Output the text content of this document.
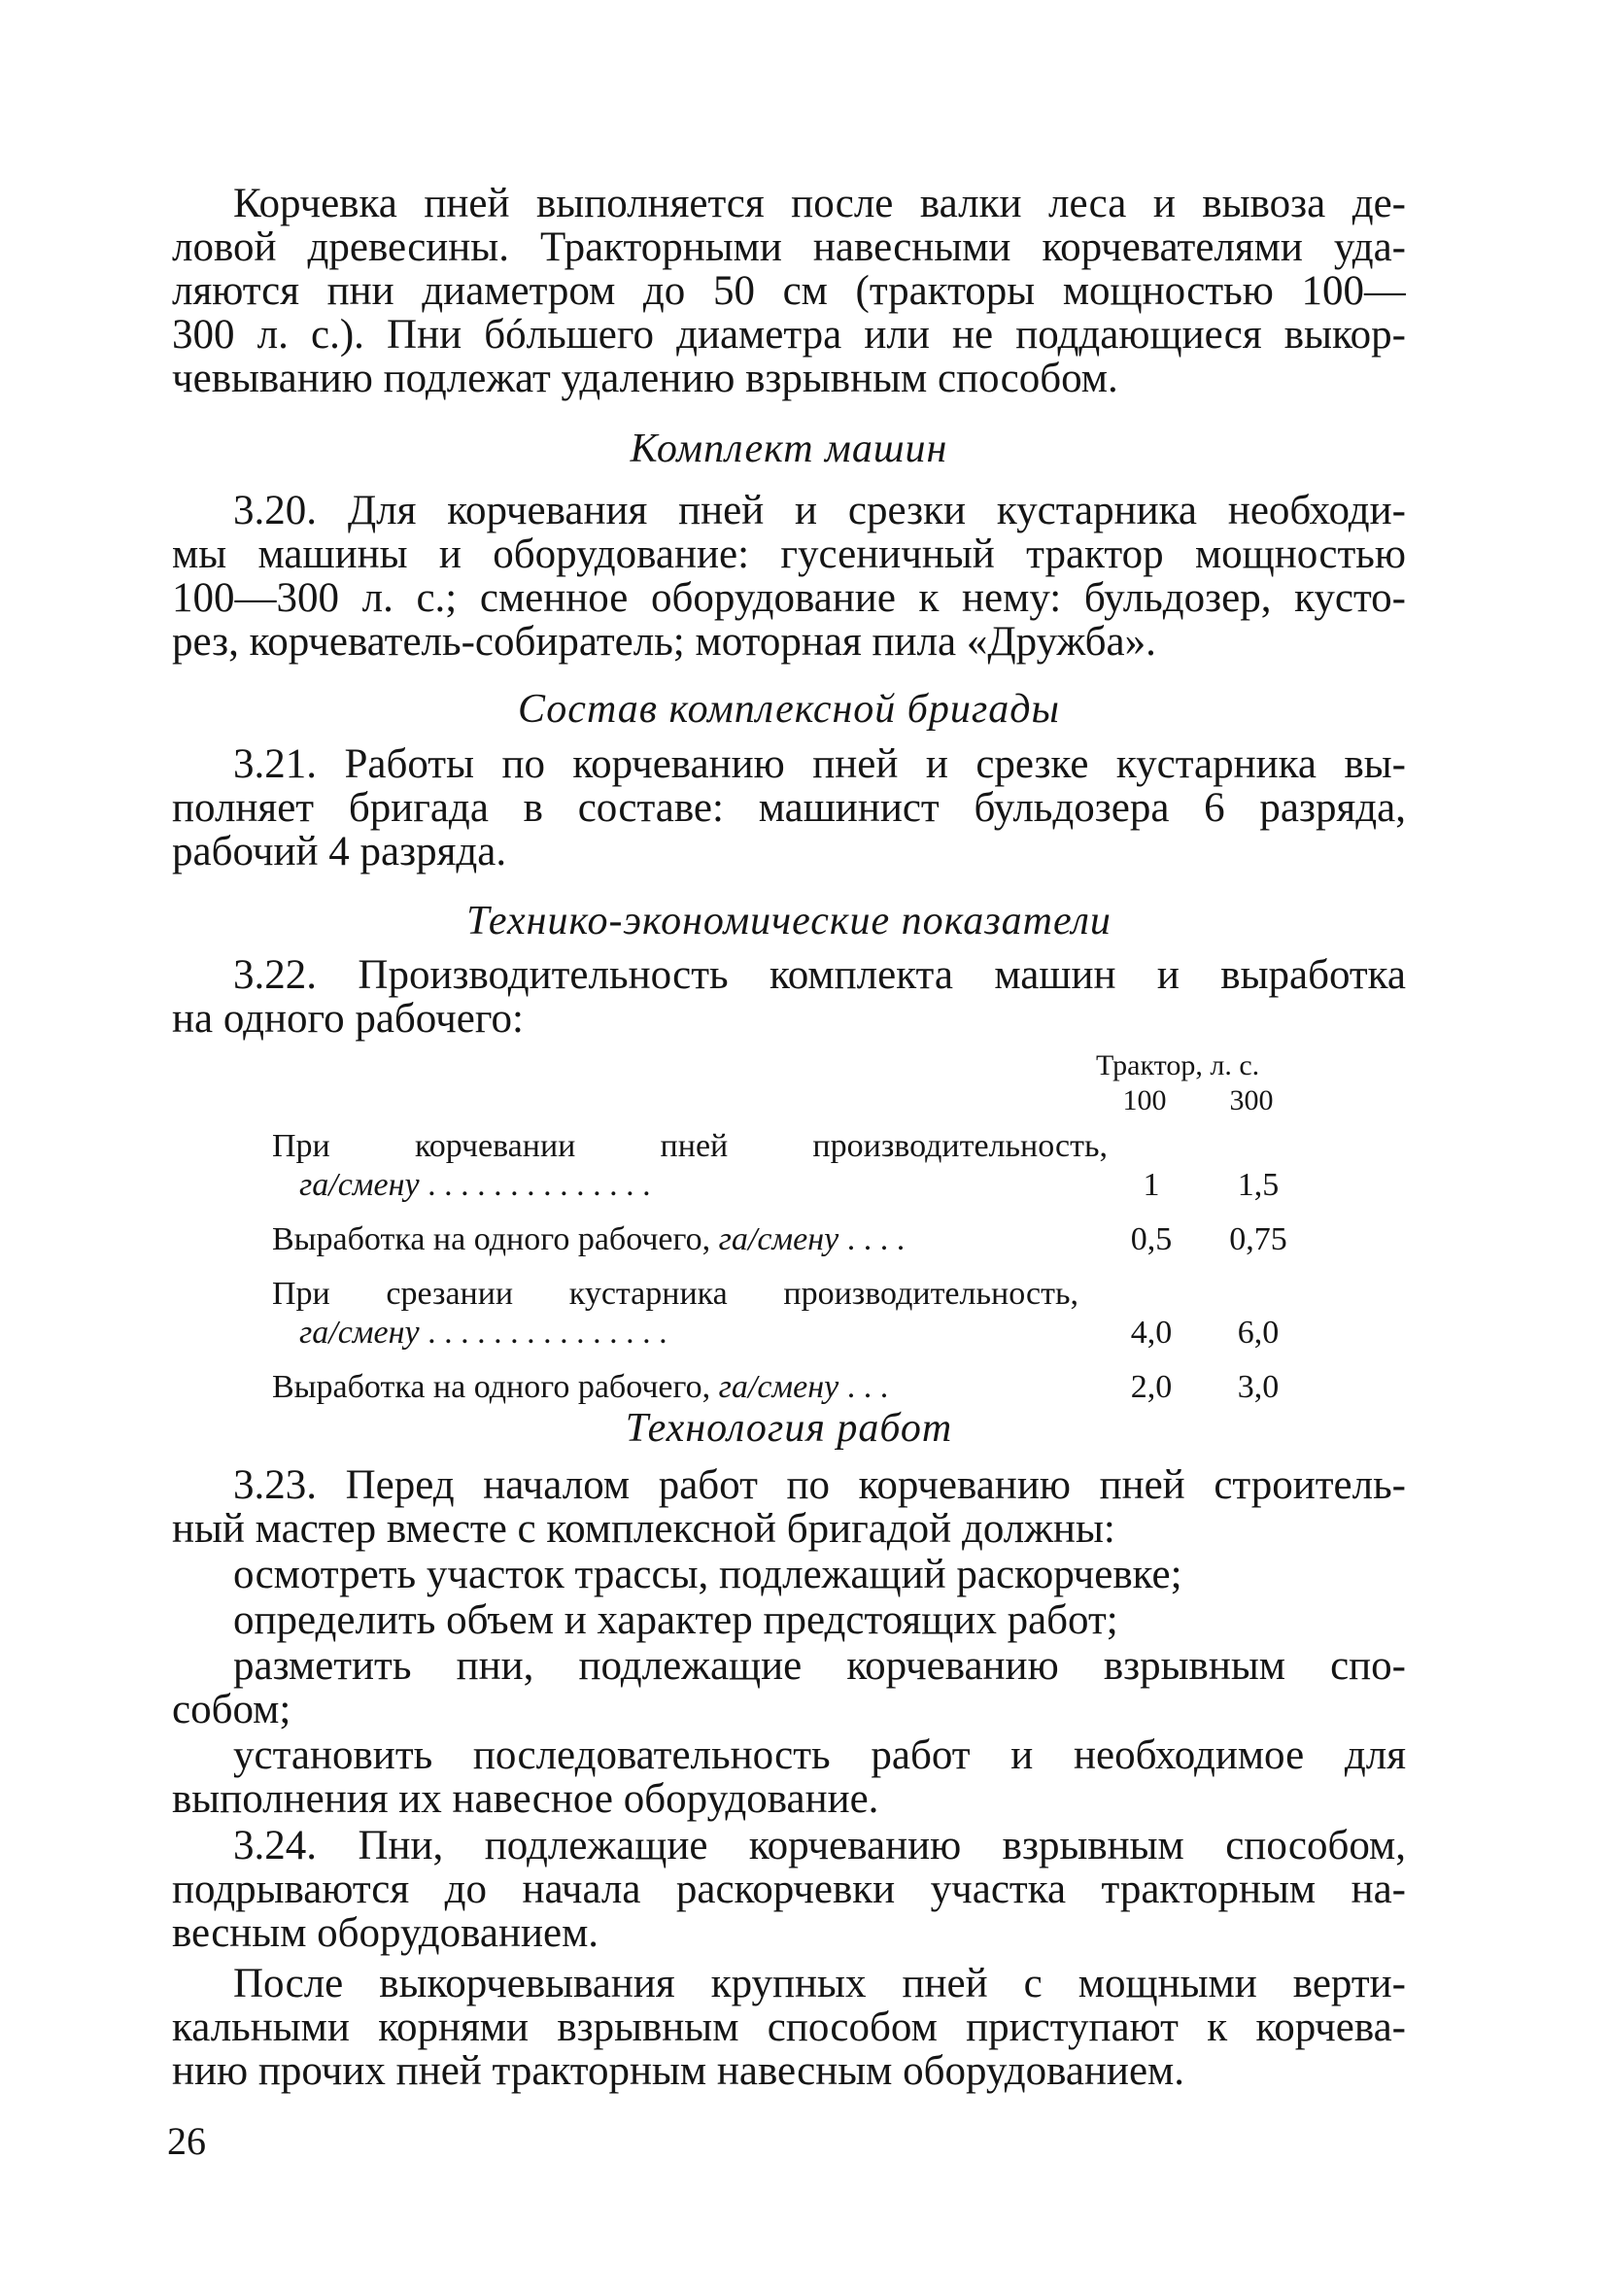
Корчевка пней выполняется после валки леса и вывоза де-
ловой древесины. Тракторными навесными корчевателями уда-
ляются пни диаметром до 50 см (тракторы мощностью 100—
300 л. с.). Пни бóльшего диаметра или не поддающиеся выкор-
чевыванию подлежат удалению взрывным способом.
Комплект машин
3.20. Для корчевания пней и срезки кустарника необходи-
мы машины и оборудование: гусеничный трактор мощностью
100—300 л. с.; сменное оборудование к нему: бульдозер, кусто-
рез, корчеватель-собиратель; моторная пила «Дружба».
Состав комплексной бригады
3.21. Работы по корчеванию пней и срезке кустарника вы-
полняет бригада в составе: машинист бульдозера 6 разряда,
рабочий 4 разряда.
Технико-экономические показатели
3.22. Производительность комплекта машин и выработка
на одного рабочего:
Трактор, л. с.
100	300
При корчевании пней производительность,
га/смену . . . . . . . . . . . . . .	1	1,5
Выработка на одного рабочего, га/смену . . . .	0,5	0,75
При срезании кустарника производительность,
га/смену . . . . . . . . . . . . . . .	4,0	6,0
Выработка на одного рабочего, га/смену . . .	2,0	3,0
Технология работ
3.23. Перед началом работ по корчеванию пней строитель-
ный мастер вместе с комплексной бригадой должны:
осмотреть участок трассы, подлежащий раскорчевке;
определить объем и характер предстоящих работ;
разметить пни, подлежащие корчеванию взрывным спо-
собом;
установить последовательность работ и необходимое для
выполнения их навесное оборудование.
3.24. Пни, подлежащие корчеванию взрывным способом,
подрываются до начала раскорчевки участка тракторным на-
весным оборудованием.
После выкорчевывания крупных пней с мощными верти-
кальными корнями взрывным способом приступают к корчева-
нию прочих пней тракторным навесным оборудованием.
26
